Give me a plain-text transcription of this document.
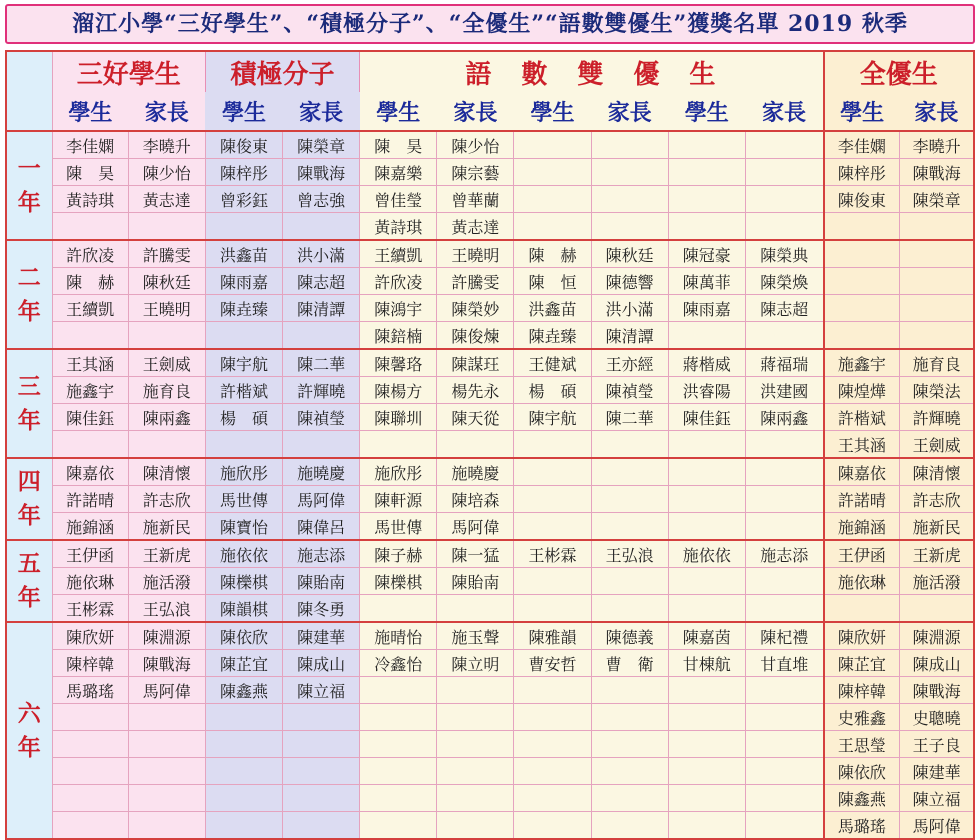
溜江小學“三好學生”、“積極分子”、“全優生”“語數雙優生”獲獎名單 2019 秋季
	三好學生		積極分子		語　數　雙　優　生						全優生	
	學生	家長	學生	家長	學生	家長	學生	家長	學生	家長	學生	家長

一
年	李佳嫻	李曉升	陳俊東	陳榮章	陳　昊	陳少怡					李佳嫻	李曉升
	陳　昊	陳少怡	陳梓彤	陳戰海	陳嘉樂	陳宗藝					陳梓彤	陳戰海
	黃詩琪	黃志達	曾彩鈺	曾志強	曾佳瑩	曾華蘭					陳俊東	陳榮章
					黃詩琪	黃志達						

二
年	許欣凌	許騰雯	洪鑫苗	洪小滿	王續凱	王曉明	陳　赫	陳秋廷	陳冠豪	陳榮典		
	陳　赫	陳秋廷	陳雨嘉	陳志超	許欣凌	許騰雯	陳　恒	陳德響	陳萬菲	陳榮煥		
	王續凱	王曉明	陳垚臻	陳清譚	陳鴻宇	陳榮妙	洪鑫苗	洪小滿	陳雨嘉	陳志超		
					陳錇楠	陳俊煉	陳垚臻	陳清譚				

三
年	王其涵	王劍威	陳宇航	陳二華	陳馨珞	陳謀玨	王健斌	王亦經	蔣楷威	蔣福瑞	施鑫宇	施育良
	施鑫宇	施育良	許楷斌	許輝曉	陳楊方	楊先永	楊　碩	陳禎瑩	洪睿陽	洪建國	陳煌燁	陳榮法
	陳佳鈺	陳兩鑫	楊　碩	陳禎瑩	陳聯圳	陳天從	陳宇航	陳二華	陳佳鈺	陳兩鑫	許楷斌	許輝曉
											王其涵	王劍威

四
年	陳嘉依	陳清懷	施欣彤	施曉慶	施欣彤	施曉慶					陳嘉依	陳清懷
	許諾晴	許志欣	馬世傳	馬阿偉	陳軒源	陳培森					許諾晴	許志欣
	施錦涵	施新民	陳寶怡	陳偉呂	馬世傳	馬阿偉					施錦涵	施新民

五
年	王伊函	王新虎	施依依	施志添	陳子赫	陳一猛	王彬霖	王弘浪	施依依	施志添	王伊函	王新虎
	施依琳	施活潑	陳櫟棋	陳貽南	陳櫟棋	陳貽南					施依琳	施活潑
	王彬霖	王弘浪	陳韻棋	陳冬勇								

六
年	陳欣妍	陳淵源	陳依欣	陳建華	施晴怡	施玉聲	陳雅韻	陳德義	陳嘉茵	陳杞禮	陳欣妍	陳淵源
	陳梓韓	陳戰海	陳芷宜	陳成山	冷鑫怡	陳立明	曹安哲	曹　衛	甘棟航	甘直堆	陳芷宜	陳成山
	馬璐瑤	馬阿偉	陳鑫燕	陳立福							陳梓韓	陳戰海
											史雅鑫	史聰曉
											王思瑩	王子良
											陳依欣	陳建華
											陳鑫燕	陳立福
											馬璐瑤	馬阿偉
